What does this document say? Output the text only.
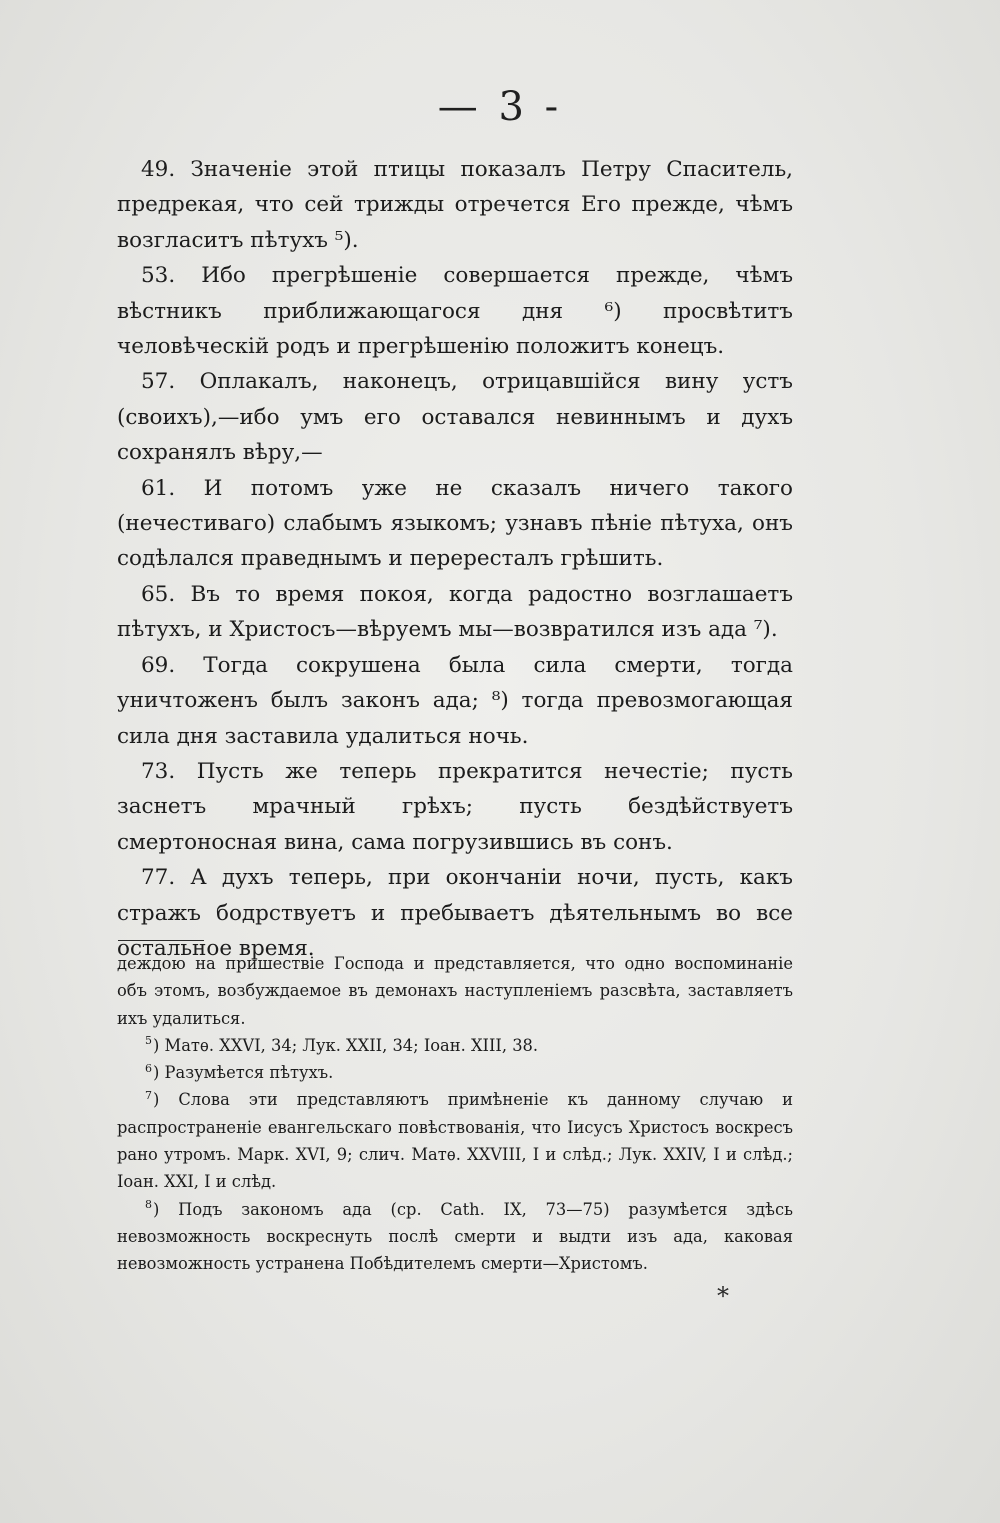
— 3 -

49. Значеніе этой птицы показалъ Петру Спаситель, предрекая, что сей трижды отречется Его прежде, чѣмъ возгласитъ пѣтухъ ⁵).

53. Ибо прегрѣшеніе совершается прежде, чѣмъ вѣстникъ приближающагося дня ⁶) просвѣтитъ человѣческій родъ и прегрѣшенію положитъ конецъ.

57. Оплакалъ, наконецъ, отрицавшійся вину устъ (своихъ),—ибо умъ его оставался невиннымъ и духъ сохранялъ вѣру,—

61. И потомъ уже не сказалъ ничего такого (нечестиваго) слабымъ языкомъ; узнавъ пѣніе пѣтуха, онъ содѣлался праведнымъ и перересталъ грѣшить.

65. Въ то время покоя, когда радостно возглашаетъ пѣтухъ, и Христосъ—вѣруемъ мы—возвратился изъ ада ⁷).

69. Тогда сокрушена была сила смерти, тогда уничтоженъ былъ законъ ада; ⁸) тогда превозмогающая сила дня заставила удалиться ночь.

73. Пусть же теперь прекратится нечестіе; пусть заснетъ мрачный грѣхъ; пусть бездѣйствуетъ смертоносная вина, сама погрузившись въ сонъ.

77. А духъ теперь, при окончаніи ночи, пусть, какъ стражъ бодрствуетъ и пребываетъ дѣятельнымъ во все остальное время.

деждою на пришествіе Господа и представляется, что одно воспоминаніе объ этомъ, возбуждаемое въ демонахъ наступленіемъ разсвѣта, заставляетъ ихъ удалиться.

$^5$) Матѳ. XXVI, 34; Лук. XXII, 34; Іоан. XIII, 38.

$^6$) Разумѣется пѣтухъ.

$^7$) Слова эти представляютъ примѣненіе къ данному случаю и распространеніе евангельскаго повѣствованія, что Іисусъ Христосъ воскресъ рано утромъ. Марк. XVI, 9; слич. Матѳ. XXVIII, I и слѣд.; Лук. XXIV, I и слѣд.; Іоан. XXI, I и слѣд.

$^8$) Подъ закономъ ада (ср. Cath. IX, 73—75) разумѣется здѣсь невозможность воскреснуть послѣ смерти и выдти изъ ада, каковая невозможность устранена Побѣдителемъ смерти—Христомъ.

*
